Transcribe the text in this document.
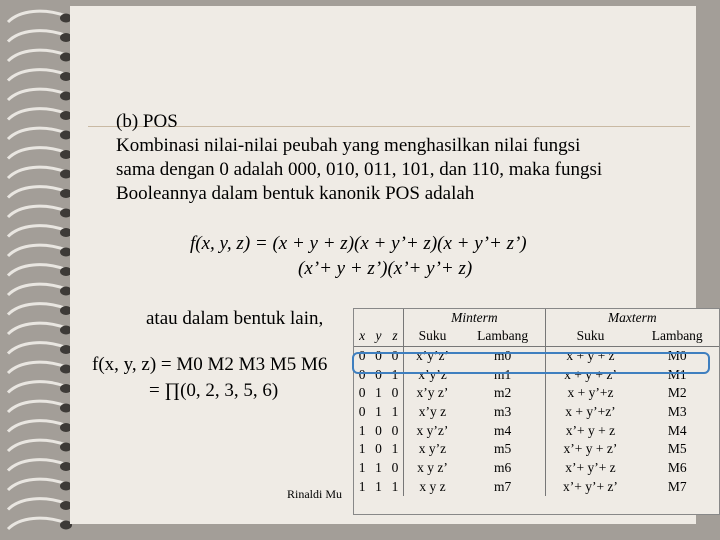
(b) POS
Kombinasi nilai-nilai peubah yang menghasilkan nilai fungsi
sama dengan 0 adalah 000, 010, 011, 101, dan 110, maka fungsi
Booleannya dalam bentuk kanonik POS adalah
f(x, y, z) = (x + y + z)(x + y’+ z)(x + y’+ z’)
(x’+ y + z’)(x’+ y’+ z)
atau dalam bentuk lain,
f(x, y, z) = M0 M2 M3 M5 M6
= ∏(0, 2, 3, 5, 6)
Rinaldi Mu
			Minterm		Maxterm	
x	y	z	Suku	Lambang	Suku	Lambang
0	0	0	x’y’z’	m0	x + y + z	M0
0	0	1	x’y’z	m1	x + y + z’	M1
0	1	0	x’y z’	m2	x + y’+z	M2
0	1	1	x’y z	m3	x + y’+z’	M3
1	0	0	x y’z’	m4	x’+ y + z	M4
1	0	1	x y’z	m5	x’+ y + z’	M5
1	1	0	x y z’	m6	x’+ y’+ z	M6
1	1	1	x y z	m7	x’+ y’+ z’	M7
